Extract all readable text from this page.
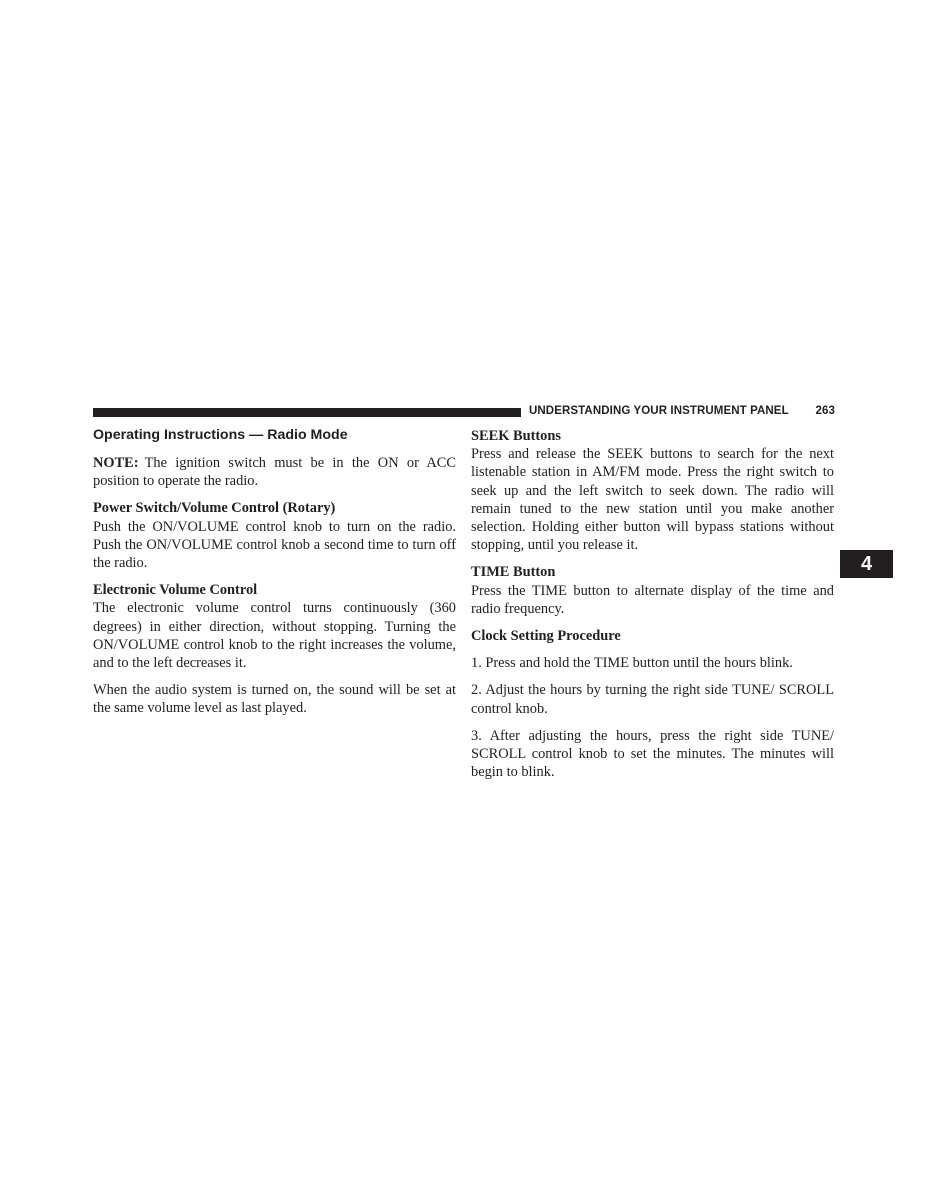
UNDERSTANDING YOUR INSTRUMENT PANEL 263
4
Operating Instructions — Radio Mode

NOTE: The ignition switch must be in the ON or ACC position to operate the radio.

Power Switch/Volume Control (Rotary)

Push the ON/VOLUME control knob to turn on the radio. Push the ON/VOLUME control knob a second time to turn off the radio.

Electronic Volume Control

The electronic volume control turns continuously (360 degrees) in either direction, without stopping. Turning the ON/VOLUME control knob to the right increases the volume, and to the left decreases it.

When the audio system is turned on, the sound will be set at the same volume level as last played.

SEEK Buttons

Press and release the SEEK buttons to search for the next listenable station in AM/FM mode. Press the right switch to seek up and the left switch to seek down. The radio will remain tuned to the new station until you make another selection. Holding either button will bypass stations without stopping, until you release it.

TIME Button

Press the TIME button to alternate display of the time and radio frequency.

Clock Setting Procedure

1. Press and hold the TIME button until the hours blink.

2. Adjust the hours by turning the right side TUNE/ SCROLL control knob.

3. After adjusting the hours, press the right side TUNE/ SCROLL control knob to set the minutes. The minutes will begin to blink.
